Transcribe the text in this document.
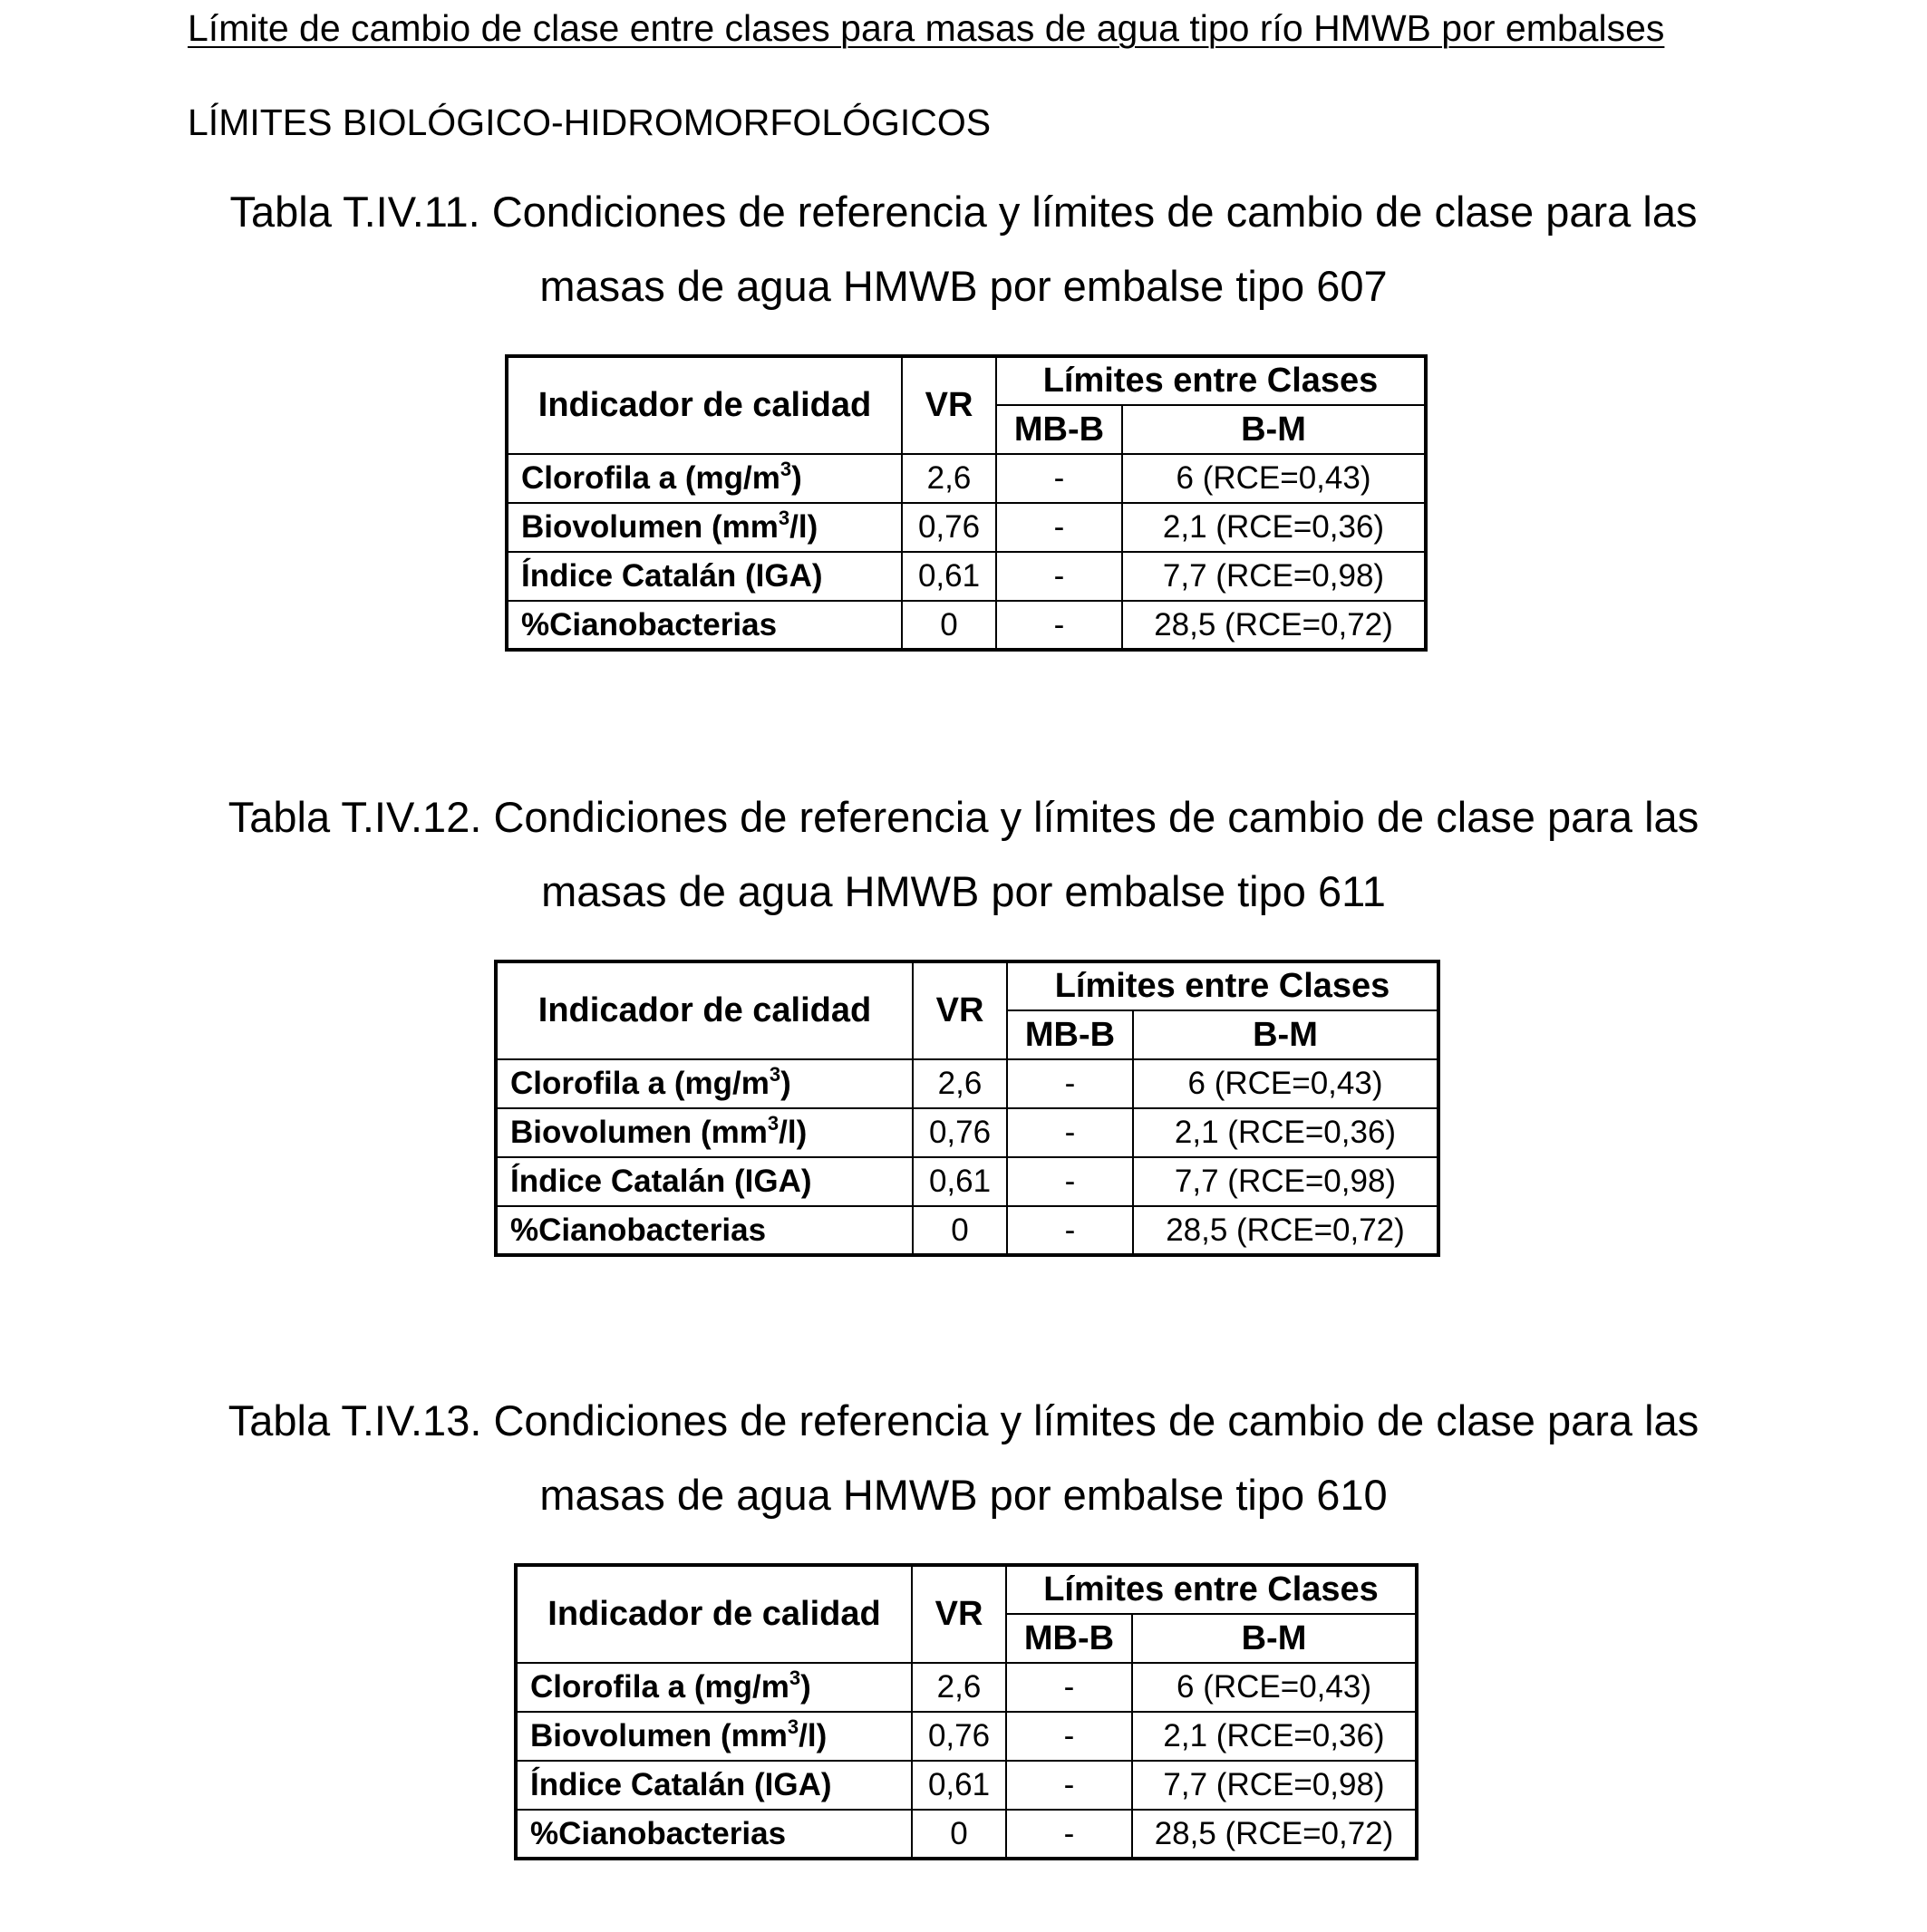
Límite de cambio de clase entre clases para masas de agua tipo río HMWB por embalses
LÍMITES BIOLÓGICO-HIDROMORFOLÓGICOS
Tabla T.IV.11. Condiciones de referencia y límites de cambio de clase para las
masas de agua HMWB por embalse tipo 607
Indicador de calidad	VR	Límites entre Clases	
		MB-B	B-M
Clorofila a $(mg/m^3)$	2,6	-	6 (RCE=0,43)
Biovolumen $(mm^3/l)$	0,76	-	2,1 (RCE=0,36)
Índice Catalán (IGA)	0,61	-	7,7 (RCE=0,98)
%Cianobacterias	0	-	28,5 (RCE=0,72)
Tabla T.IV.12. Condiciones de referencia y límites de cambio de clase para las
masas de agua HMWB por embalse tipo 611
Indicador de calidad	VR	Límites entre Clases	
		MB-B	B-M
Clorofila a $(mg/m^3)$	2,6	-	6 (RCE=0,43)
Biovolumen $(mm^3/l)$	0,76	-	2,1 (RCE=0,36)
Índice Catalán (IGA)	0,61	-	7,7 (RCE=0,98)
%Cianobacterias	0	-	28,5 (RCE=0,72)
Tabla T.IV.13. Condiciones de referencia y límites de cambio de clase para las
masas de agua HMWB por embalse tipo 610
Indicador de calidad	VR	Límites entre Clases	
		MB-B	B-M
Clorofila a $(mg/m^3)$	2,6	-	6 (RCE=0,43)
Biovolumen $(mm^3/l)$	0,76	-	2,1 (RCE=0,36)
Índice Catalán (IGA)	0,61	-	7,7 (RCE=0,98)
%Cianobacterias	0	-	28,5 (RCE=0,72)
